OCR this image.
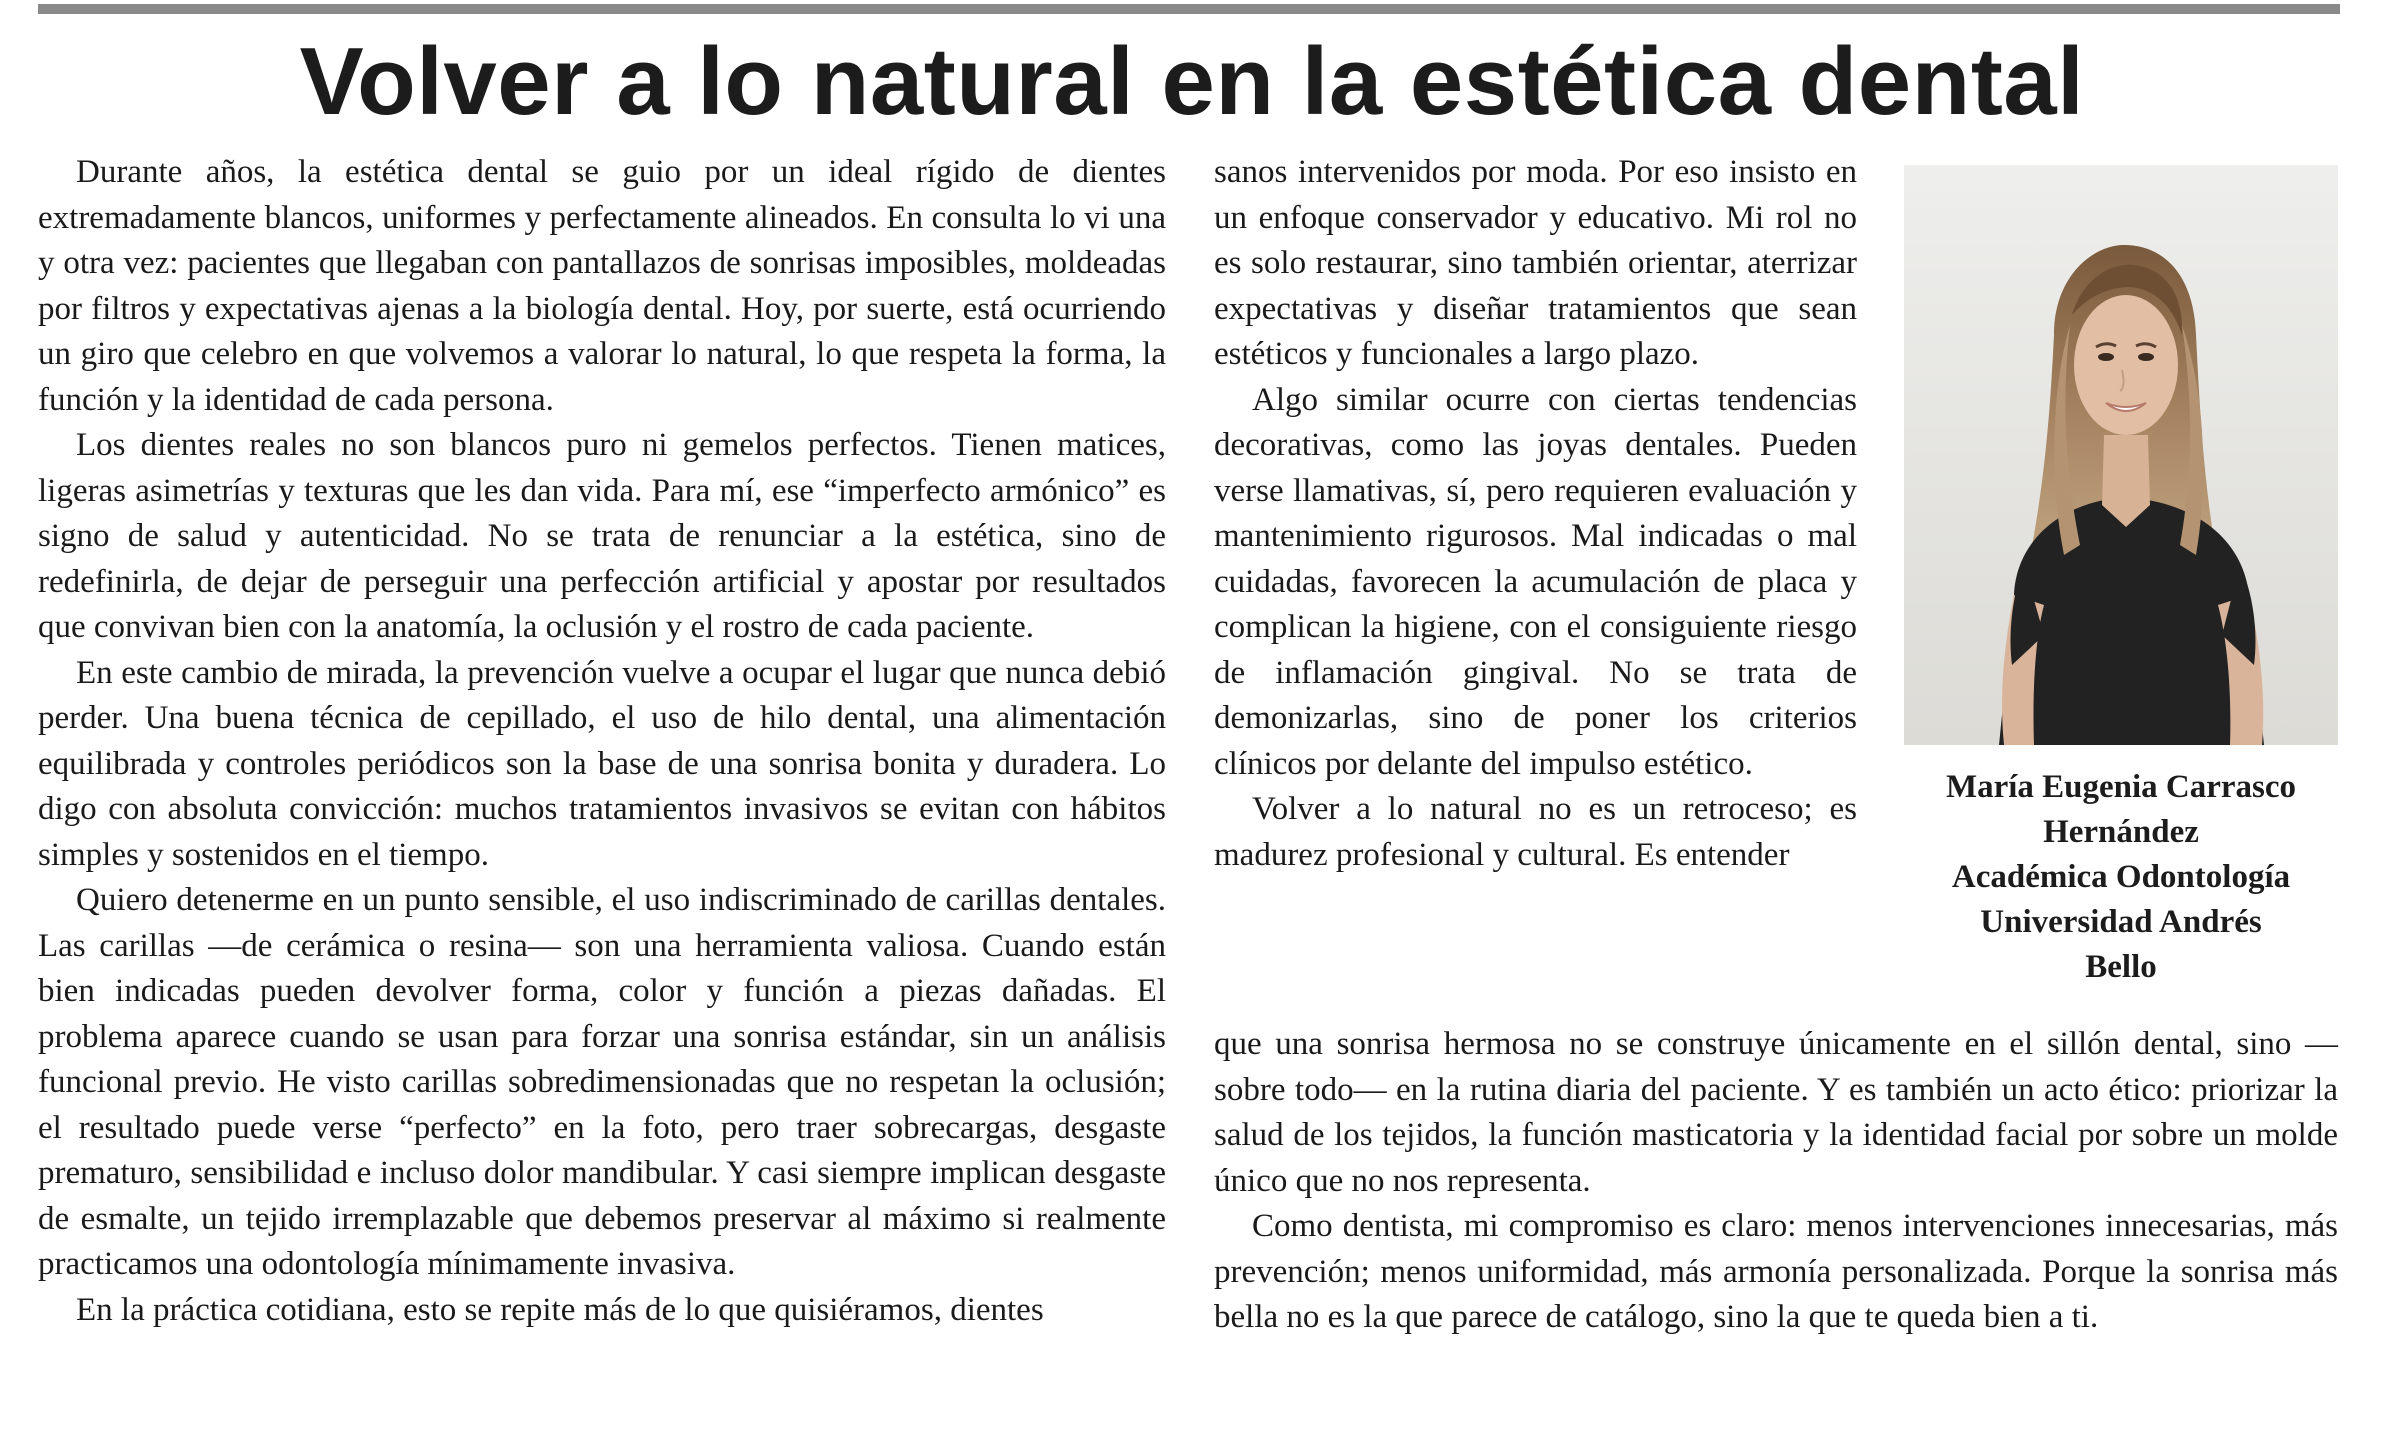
Volver a lo natural en la estética dental

Durante años, la estética dental se guio por un ideal rígido de dientes extremadamente blancos, uniformes y perfectamente alineados. En consulta lo vi una y otra vez: pacientes que llegaban con pantallazos de sonrisas imposibles, moldeadas por filtros y expectativas ajenas a la biología dental. Hoy, por suerte, está ocurriendo un giro que celebro en que volvemos a valorar lo natural, lo que respeta la forma, la función y la identidad de cada persona.

Los dientes reales no son blancos puro ni gemelos perfectos. Tienen matices, ligeras asimetrías y texturas que les dan vida. Para mí, ese “imperfecto armónico” es signo de salud y autenticidad. No se trata de renunciar a la estética, sino de redefinirla, de dejar de perseguir una perfección artificial y apostar por resultados que convivan bien con la anatomía, la oclusión y el rostro de cada paciente.

En este cambio de mirada, la prevención vuelve a ocupar el lugar que nunca debió perder. Una buena técnica de cepillado, el uso de hilo dental, una alimentación equilibrada y controles periódicos son la base de una sonrisa bonita y duradera. Lo digo con absoluta convicción: muchos tratamientos invasivos se evitan con hábitos simples y sostenidos en el tiempo.

Quiero detenerme en un punto sensible, el uso indiscriminado de carillas dentales. Las carillas —de cerámica o resina— son una herramienta valiosa. Cuando están bien indicadas pueden devolver forma, color y función a piezas dañadas. El problema aparece cuando se usan para forzar una sonrisa estándar, sin un análisis funcional previo. He visto carillas sobredimensionadas que no respetan la oclusión; el resultado puede verse “perfecto” en la foto, pero traer sobrecargas, desgaste prematuro, sensibilidad e incluso dolor mandibular. Y casi siempre implican desgaste de esmalte, un tejido irremplazable que debemos preservar al máximo si realmente practicamos una odontología mínimamente invasiva.

En la práctica cotidiana, esto se repite más de lo que quisiéramos, dientes

sanos intervenidos por moda. Por eso insisto en un enfoque conservador y educativo. Mi rol no es solo restaurar, sino también orientar, aterrizar expectativas y diseñar tratamientos que sean estéticos y funcionales a largo plazo.

Algo similar ocurre con ciertas tendencias decorativas, como las joyas dentales. Pueden verse llamativas, sí, pero requieren evaluación y mantenimiento rigurosos. Mal indicadas o mal cuidadas, favorecen la acumulación de placa y complican la higiene, con el consiguiente riesgo de inflamación gingival. No se trata de demonizarlas, sino de poner los criterios clínicos por delante del impulso estético.

Volver a lo natural no es un retroceso; es madurez profesional y cultural. Es entender

que una sonrisa hermosa no se construye únicamente en el sillón dental, sino —sobre todo— en la rutina diaria del paciente. Y es también un acto ético: priorizar la salud de los tejidos, la función masticatoria y la identidad facial por sobre un molde único que no nos representa.

Como dentista, mi compromiso es claro: menos intervenciones innecesarias, más prevención; menos uniformidad, más armonía personalizada. Porque la sonrisa más bella no es la que parece de catálogo, sino la que te queda bien a ti.

María Eugenia Carrasco
Hernández
Académica Odontología
Universidad Andrés
Bello
